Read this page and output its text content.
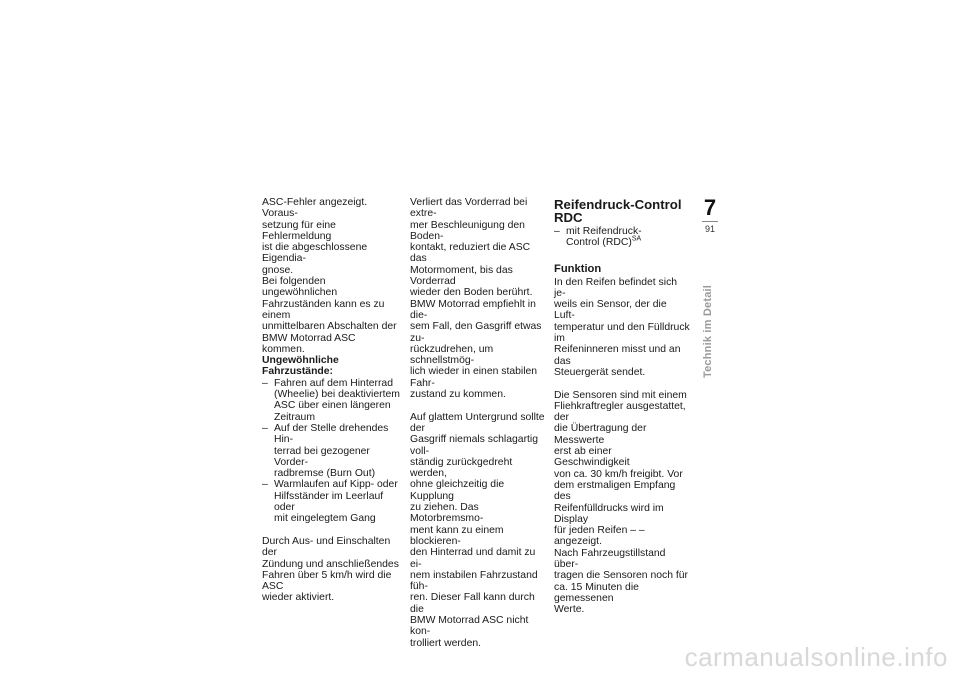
ASC-Fehler angezeigt. Voraus-
setzung für eine Fehlermeldung
ist die abgeschlossene Eigendia-
gnose.

Bei folgenden ungewöhnlichen
Fahrzuständen kann es zu einem
unmittelbaren Abschalten der
BMW Motorrad ASC kommen.

Ungewöhnliche
Fahrzustände:

– Fahren auf dem Hinterrad
(Wheelie) bei deaktiviertem
ASC über einen längeren
Zeitraum
– Auf der Stelle drehendes Hin-
terrad bei gezogener Vorder-
radbremse (Burn Out)
– Warmlaufen auf Kipp- oder
Hilfsständer im Leerlauf oder
mit eingelegtem Gang

Durch Aus- und Einschalten der
Zündung und anschließendes
Fahren über 5 km/h wird die ASC
wieder aktiviert.

Verliert das Vorderrad bei extre-
mer Beschleunigung den Boden-
kontakt, reduziert die ASC das
Motormoment, bis das Vorderrad
wieder den Boden berührt.

BMW Motorrad empfiehlt in die-
sem Fall, den Gasgriff etwas zu-
rückzudrehen, um schnellstmög-
lich wieder in einen stabilen Fahr-
zustand zu kommen.

Auf glattem Untergrund sollte der
Gasgriff niemals schlagartig voll-
ständig zurückgedreht werden,
ohne gleichzeitig die Kupplung
zu ziehen. Das Motorbremsmo-
ment kann zu einem blockieren-
den Hinterrad und damit zu ei-
nem instabilen Fahrzustand füh-
ren. Dieser Fall kann durch die
BMW Motorrad ASC nicht kon-
trolliert werden.

Reifendruck-Control
RDC
– mit Reifendruck-
Control (RDC)$^{SA}$
Funktion

In den Reifen befindet sich je-
weils ein Sensor, der die Luft-
temperatur und den Fülldruck im
Reifeninneren misst und an das
Steuergerät sendet.

Die Sensoren sind mit einem
Fliehkraftregler ausgestattet, der
die Übertragung der Messwerte
erst ab einer Geschwindigkeit
von ca. 30 km/h freigibt. Vor
dem erstmaligen Empfang des
Reifenfülldrucks wird im Display
für jeden Reifen – – angezeigt.
Nach Fahrzeugstillstand über-
tragen die Sensoren noch für
ca. 15 Minuten die gemessenen
Werte.

7
91
Technik im Detail
carmanualsonline.info
